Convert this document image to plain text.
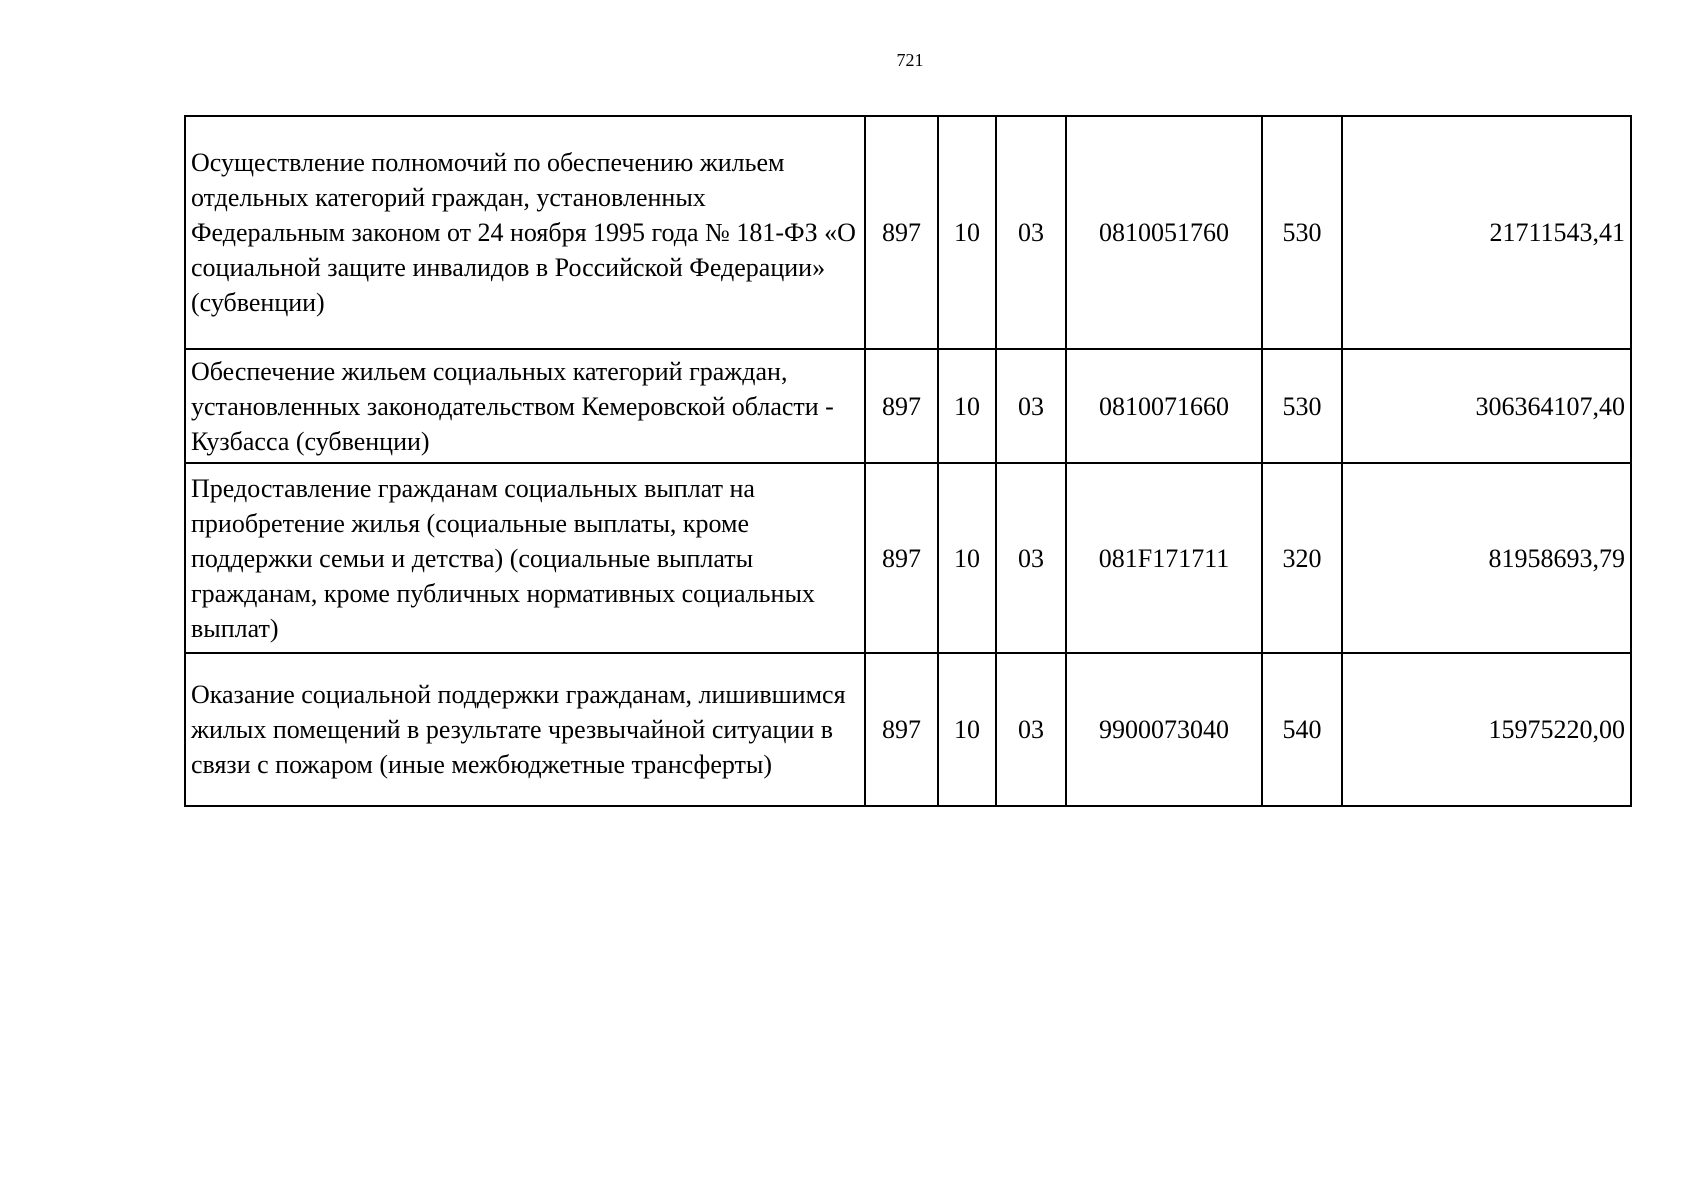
721
Осуществление полномочий по обеспечению жильем отдельных категорий граждан, установленных Федеральным законом от 24 ноября 1995 года № 181-ФЗ «О социальной защите инвалидов в Российской Федерации» (субвенции)	897	10	03	0810051760	530	21711543,41
Обеспечение жильем социальных категорий граждан, установленных законодательством Кемеровской области - Кузбасса (субвенции)	897	10	03	0810071660	530	306364107,40
Предоставление гражданам социальных выплат на приобретение жилья (социальные выплаты, кроме поддержки семьи и детства) (социальные выплаты гражданам, кроме публичных нормативных социальных выплат)	897	10	03	081F171711	320	81958693,79
Оказание социальной поддержки гражданам, лишившимся жилых помещений в результате чрезвычайной ситуации в связи с пожаром (иные межбюджетные трансферты)	897	10	03	9900073040	540	15975220,00
